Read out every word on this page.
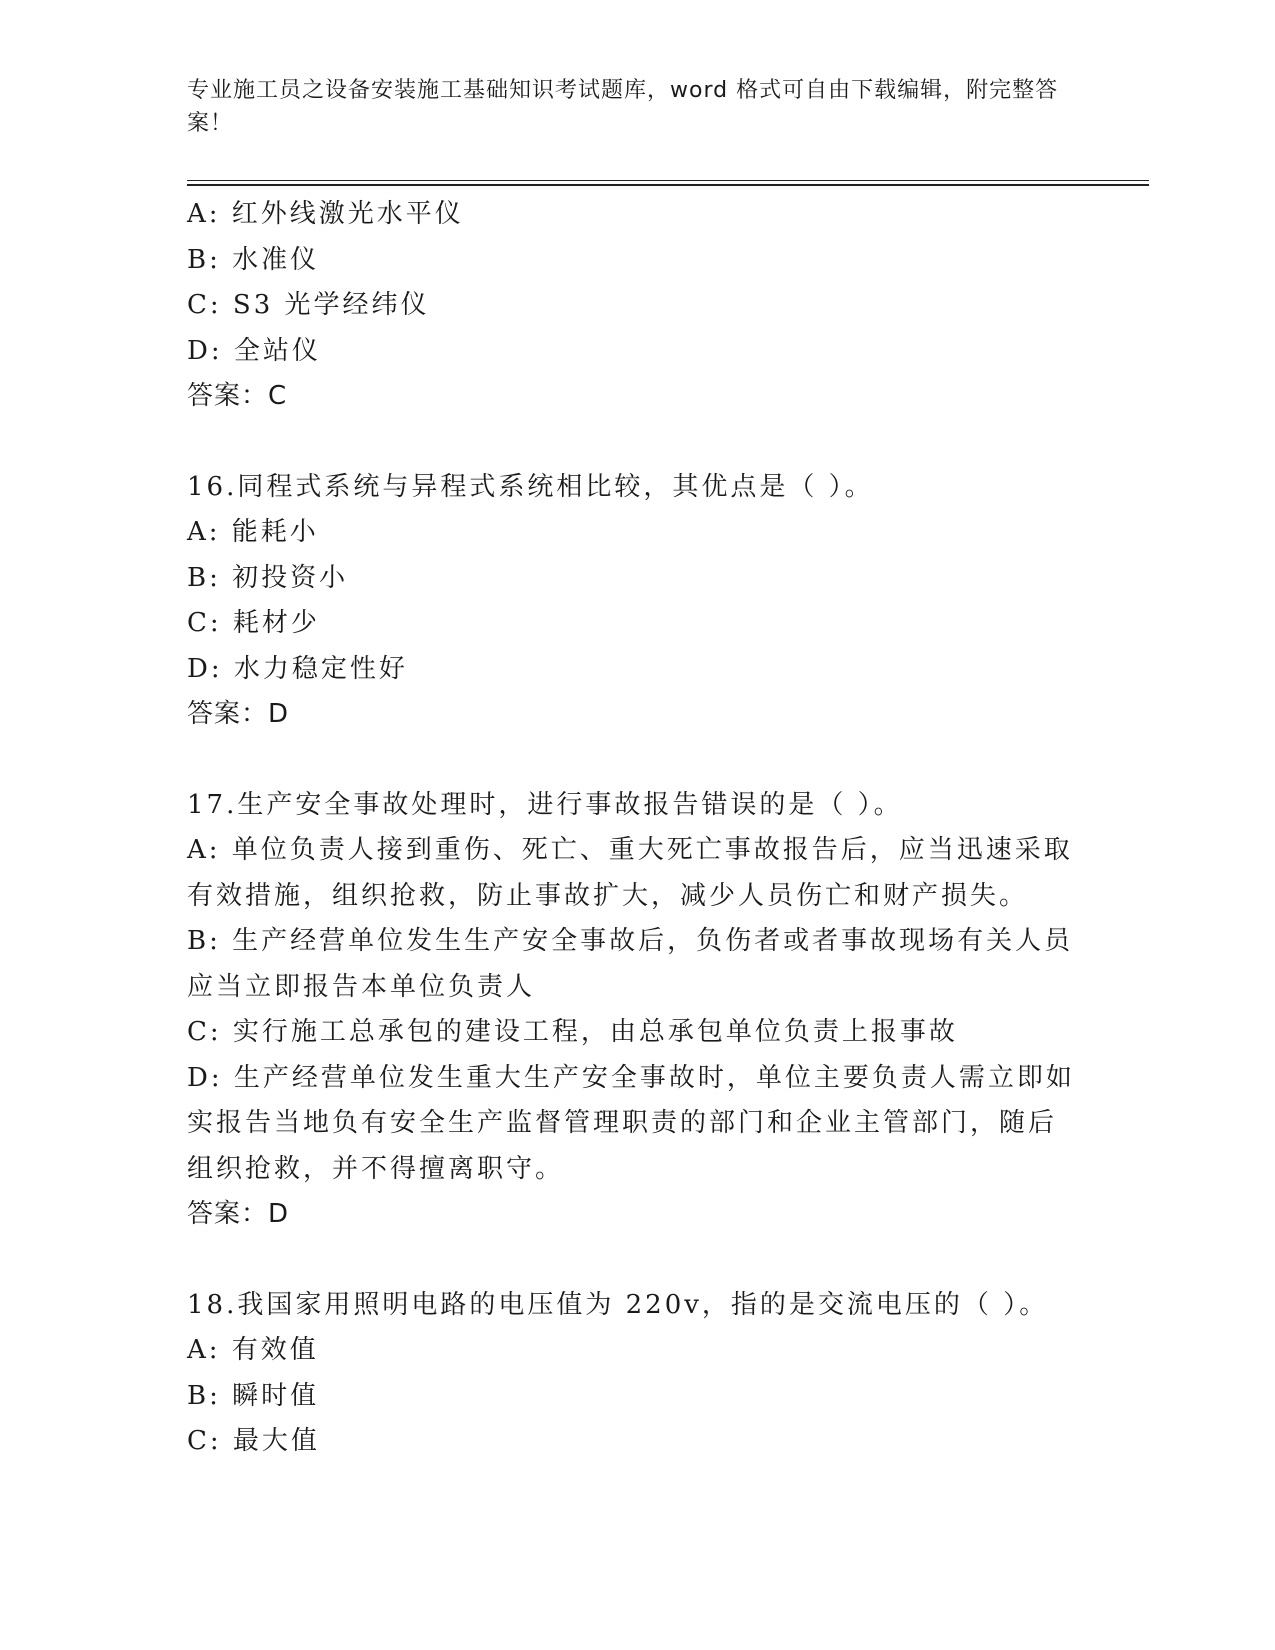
专业施工员之设备安装施工基础知识考试题库，word 格式可自由下载编辑，附完整答案！
A: 红外线激光水平仪
B: 水准仪
C: S3 光学经纬仪
D: 全站仪
答案：C
16.同程式系统与异程式系统相比较，其优点是（ ）。
A: 能耗小
B: 初投资小
C: 耗材少
D: 水力稳定性好
答案：D
17.生产安全事故处理时，进行事故报告错误的是（ ）。
A: 单位负责人接到重伤、死亡、重大死亡事故报告后，应当迅速采取
有效措施，组织抢救，防止事故扩大，减少人员伤亡和财产损失。
B: 生产经营单位发生生产安全事故后，负伤者或者事故现场有关人员
应当立即报告本单位负责人
C: 实行施工总承包的建设工程，由总承包单位负责上报事故
D: 生产经营单位发生重大生产安全事故时，单位主要负责人需立即如
实报告当地负有安全生产监督管理职责的部门和企业主管部门，随后
组织抢救，并不得擅离职守。
答案：D
18.我国家用照明电路的电压值为 220v，指的是交流电压的（ ）。
A: 有效值
B: 瞬时值
C: 最大值
